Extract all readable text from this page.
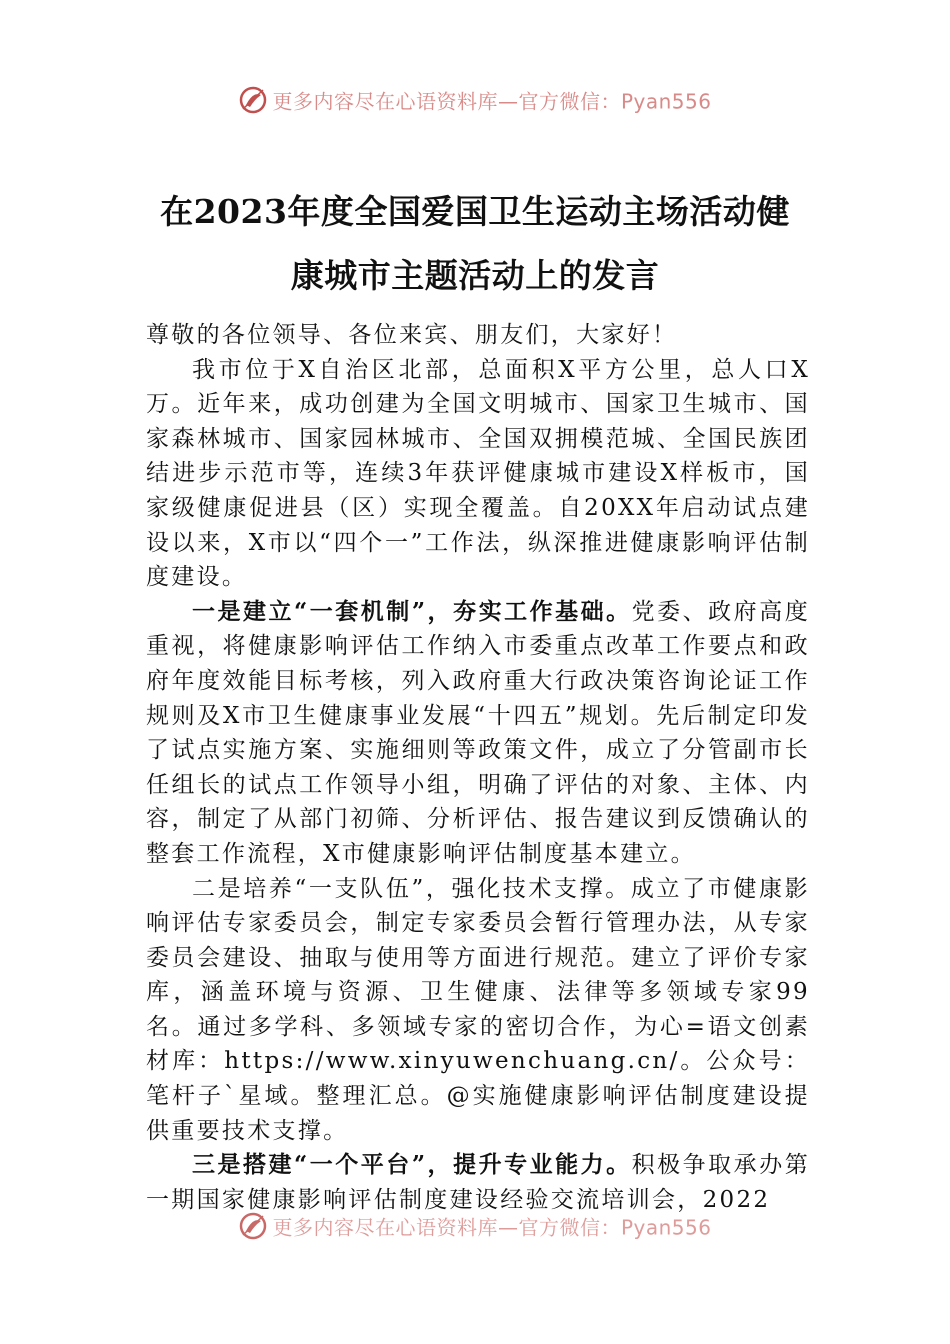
更多内容尽在心语资料库—官方微信：Pyan556
在2023年度全国爱国卫生运动主场活动健
康城市主题活动上的发言

尊敬的各位领导、各位来宾、朋友们，大家好！

我市位于X自治区北部，总面积X平方公里，总人口X万。近年来，成功创建为全国文明城市、国家卫生城市、国家森林城市、国家园林城市、全国双拥模范城、全国民族团结进步示范市等，连续3年获评健康城市建设X样板市，国家级健康促进县（区）实现全覆盖。自20XX年启动试点建设以来，X市以“四个一”工作法，纵深推进健康影响评估制度建设。

一是建立“一套机制”，夯实工作基础。党委、政府高度重视，将健康影响评估工作纳入市委重点改革工作要点和政府年度效能目标考核，列入政府重大行政决策咨询论证工作规则及X市卫生健康事业发展“十四五”规划。先后制定印发了试点实施方案、实施细则等政策文件，成立了分管副市长任组长的试点工作领导小组，明确了评估的对象、主体、内容，制定了从部门初筛、分析评估、报告建议到反馈确认的整套工作流程，X市健康影响评估制度基本建立。

二是培养“一支队伍”，强化技术支撑。成立了市健康影响评估专家委员会，制定专家委员会暂行管理办法，从专家委员会建设、抽取与使用等方面进行规范。建立了评价专家库，涵盖环境与资源、卫生健康、法律等多领域专家99名。通过多学科、多领域专家的密切合作，为心=语文创素材库：https://www.xinyuwenchuang.cn/。公众号：笔杆子`星域。整理汇总。@实施健康影响评估制度建设提供重要技术支撑。

三是搭建“一个平台”，提升专业能力。积极争取承办第一期国家健康影响评估制度建设经验交流培训会，2022

更多内容尽在心语资料库—官方微信：Pyan556
